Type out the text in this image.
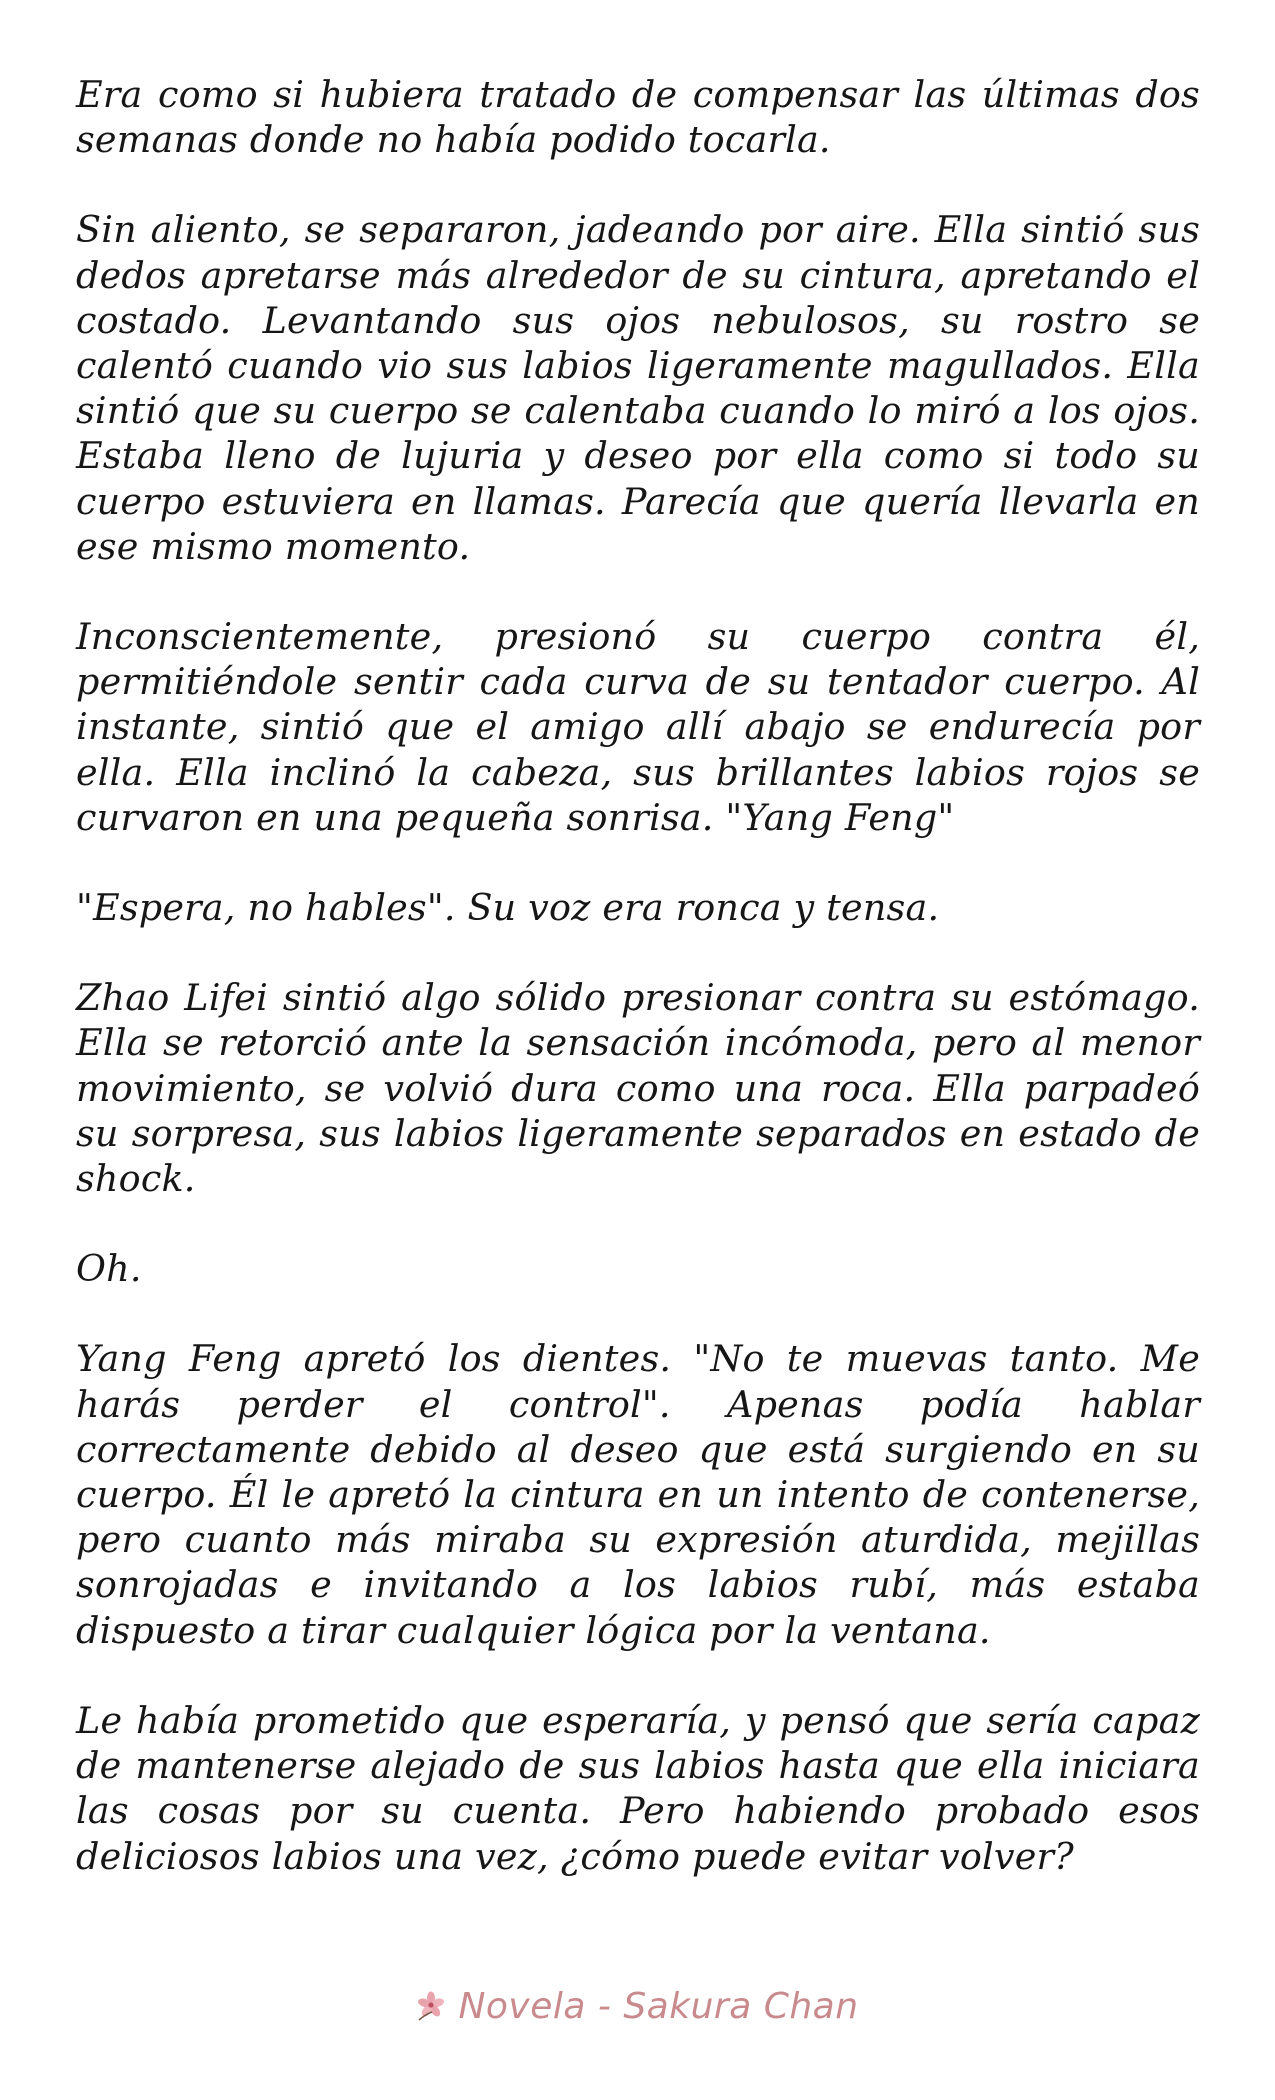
Era como si hubiera tratado de compensar las últimas dos semanas donde no había podido tocarla.

Sin aliento, se separaron, jadeando por aire. Ella sintió sus dedos apretarse más alrededor de su cintura, apretando el costado. Levantando sus ojos nebulosos, su rostro se calentó cuando vio sus labios ligeramente magullados. Ella sintió que su cuerpo se calentaba cuando lo miró a los ojos. Estaba lleno de lujuria y deseo por ella como si todo su cuerpo estuviera en llamas. Parecía que quería llevarla en ese mismo momento.

Inconscientemente, presionó su cuerpo contra él, permitiéndole sentir cada curva de su tentador cuerpo. Al instante, sintió que el amigo allí abajo se endurecía por ella. Ella inclinó la cabeza, sus brillantes labios rojos se curvaron en una pequeña sonrisa. "Yang Feng"

"Espera, no hables". Su voz era ronca y tensa.

Zhao Lifei sintió algo sólido presionar contra su estómago. Ella se retorció ante la sensación incómoda, pero al menor movimiento, se volvió dura como una roca. Ella parpadeó su sorpresa, sus labios ligeramente separados en estado de shock.

Oh.

Yang Feng apretó los dientes. "No te muevas tanto. Me harás perder el control". Apenas podía hablar correctamente debido al deseo que está surgiendo en su cuerpo. Él le apretó la cintura en un intento de contenerse, pero cuanto más miraba su expresión aturdida, mejillas sonrojadas e invitando a los labios rubí, más estaba dispuesto a tirar cualquier lógica por la ventana.

Le había prometido que esperaría, y pensó que sería capaz de mantenerse alejado de sus labios hasta que ella iniciara las cosas por su cuenta. Pero habiendo probado esos deliciosos labios una vez, ¿cómo puede evitar volver?

Novela - Sakura Chan
